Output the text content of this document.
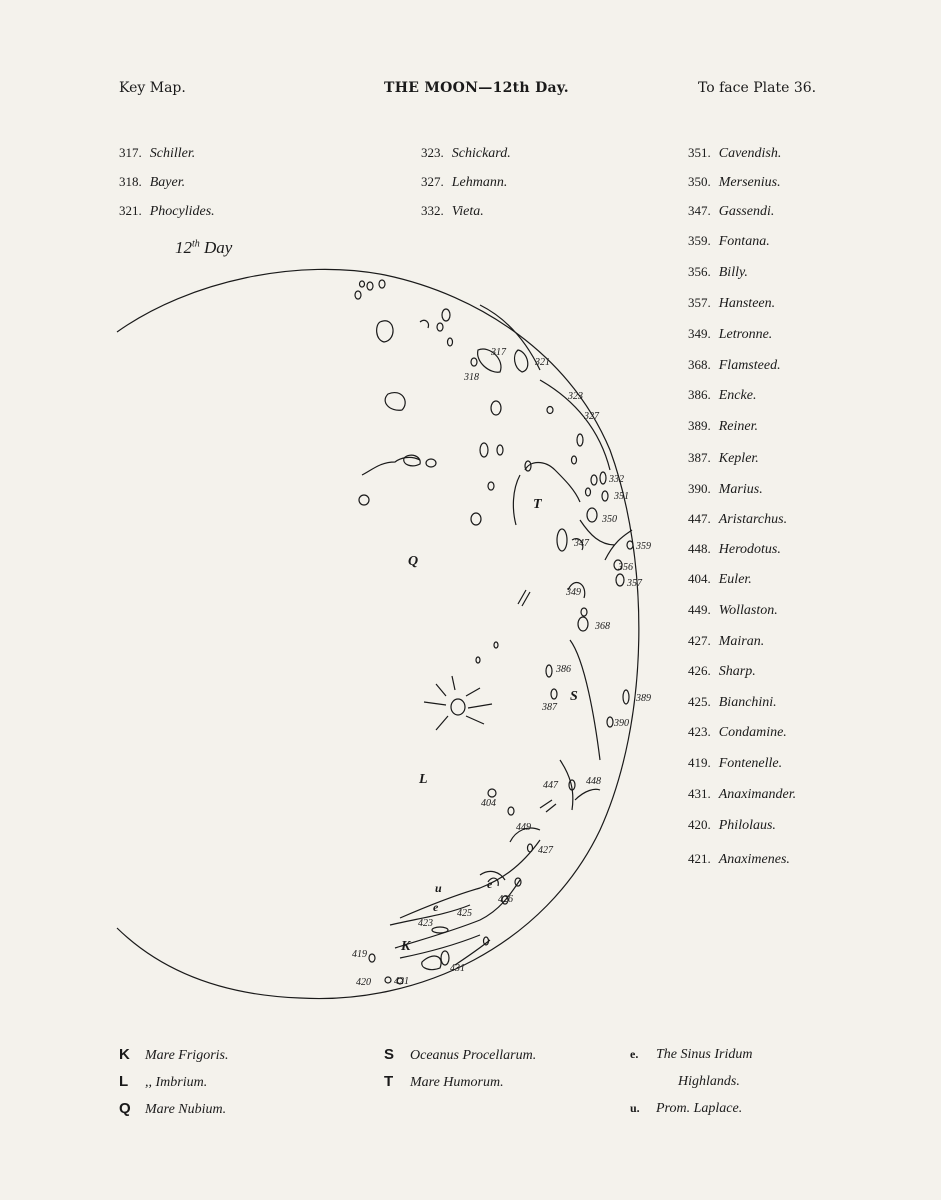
Key Map.	THE MOON—12th Day.	To face Plate 36.
317. Schiller.
318. Bayer.
321. Phocylides.
323. Schickard.
327. Lehmann.
332. Vieta.
351. Cavendish.
350. Mersenius.
347. Gassendi.
359. Fontana.
356. Billy.
357. Hansteen.
349. Letronne.
368. Flamsteed.
386. Encke.
389. Reiner.
387. Kepler.
390. Marius.
447. Aristarchus.
448. Herodotus.
404. Euler.
449. Wollaston.
427. Mairan.
426. Sharp.
425. Bianchini.
423. Condamine.
419. Fontenelle.
431. Anaximander.
420. Philolaus.
421. Anaximenes.
12th Day
317
321
318
323
327
332
351
350
347	359
356
357
349
368
386
389
387
390
447	448
404
449
427
426
425
423
419
431
420 421
T
Q
S
L
K
u
e
e
K Mare Frigoris.
L ,, Imbrium.
Q Mare Nubium.
S Oceanus Procellarum.
T Mare Humorum.
e. The Sinus Iridum
Highlands.
u. Prom. Laplace.
